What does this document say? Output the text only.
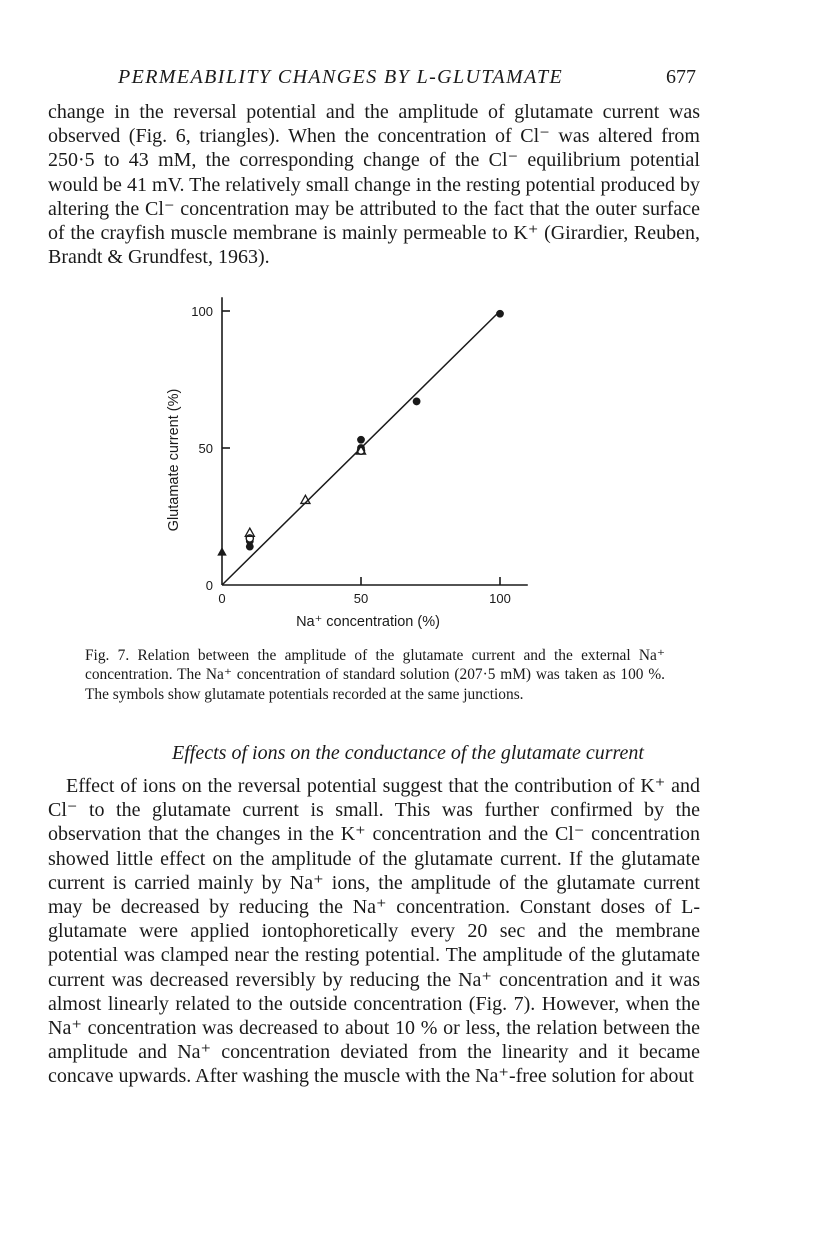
PERMEABILITY CHANGES BY L-GLUTAMATE	677

change in the reversal potential and the amplitude of glutamate current was observed (Fig. 6, triangles). When the concentration of Cl⁻ was altered from 250·5 to 43 mM, the corresponding change of the Cl⁻ equilibrium potential would be 41 mV. The relatively small change in the resting potential produced by altering the Cl⁻ concentration may be attributed to the fact that the outer surface of the crayfish muscle membrane is mainly permeable to K⁺ (Girardier, Reuben, Brandt & Grundfest, 1963).

0
50
100
0	50	100
Glutamate current (%)
Na⁺ concentration (%)

Fig. 7. Relation between the amplitude of the glutamate current and the external Na⁺ concentration. The Na⁺ concentration of standard solution (207·5 mM) was taken as 100 %. The symbols show glutamate potentials recorded at the same junctions.

Effects of ions on the conductance of the glutamate current

Effect of ions on the reversal potential suggest that the contribution of K⁺ and Cl⁻ to the glutamate current is small. This was further confirmed by the observation that the changes in the K⁺ concentration and the Cl⁻ concentration showed little effect on the amplitude of the glutamate current. If the glutamate current is carried mainly by Na⁺ ions, the amplitude of the glutamate current may be decreased by reducing the Na⁺ concentration. Constant doses of L-glutamate were applied iontophoretically every 20 sec and the membrane potential was clamped near the resting potential. The amplitude of the glutamate current was decreased reversibly by reducing the Na⁺ concentration and it was almost linearly related to the outside concentration (Fig. 7). However, when the Na⁺ concentration was decreased to about 10 % or less, the relation between the amplitude and Na⁺ concentration deviated from the linearity and it became concave upwards. After washing the muscle with the Na⁺-free solution for about
